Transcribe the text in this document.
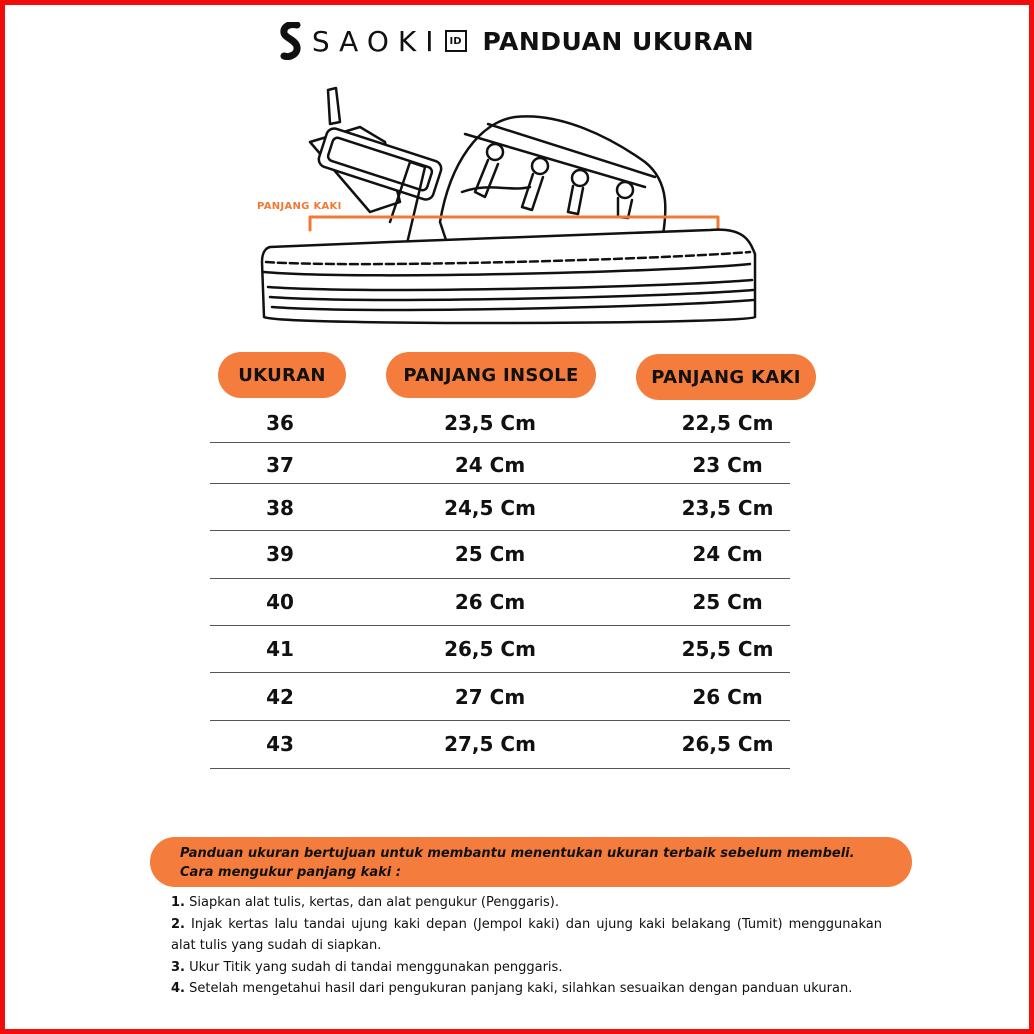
SAOKI ID PANDUAN UKURAN
PANJANG KAKI
UKURAN	PANJANG INSOLE	PANJANG KAKI
36	23,5 Cm	22,5 Cm
37	24 Cm	23 Cm
38	24,5 Cm	23,5 Cm
39	25 Cm	24 Cm
40	26 Cm	25 Cm
41	26,5 Cm	25,5 Cm
42	27 Cm	26 Cm
43	27,5 Cm	26,5 Cm
Panduan ukuran bertujuan untuk membantu menentukan ukuran terbaik sebelum membeli.
Cara mengukur panjang kaki :
1. Siapkan alat tulis, kertas, dan alat pengukur (Penggaris).
2. Injak kertas lalu tandai ujung kaki depan (Jempol kaki) dan ujung kaki belakang (Tumit) menggunakan alat tulis yang sudah di siapkan.
3. Ukur Titik yang sudah di tandai menggunakan penggaris.
4. Setelah mengetahui hasil dari pengukuran panjang kaki, silahkan sesuaikan dengan panduan ukuran.
